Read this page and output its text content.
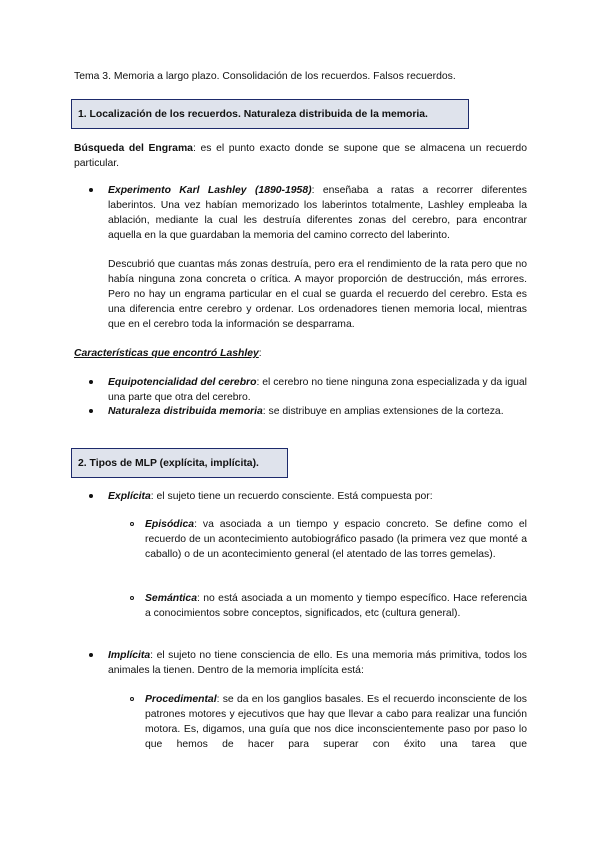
Tema 3. Memoria a largo plazo. Consolidación de los recuerdos. Falsos recuerdos.
1. Localización de los recuerdos. Naturaleza distribuida de la memoria.
Búsqueda del Engrama: es el punto exacto donde se supone que se almacena un recuerdo particular.
Experimento Karl Lashley (1890-1958): enseñaba a ratas a recorrer diferentes laberintos. Una vez habían memorizado los laberintos totalmente, Lashley empleaba la ablación, mediante la cual les destruía diferentes zonas del cerebro, para encontrar aquella en la que guardaban la memoria del camino correcto del laberinto.
Descubrió que cuantas más zonas destruía, pero era el rendimiento de la rata pero que no había ninguna zona concreta o crítica. A mayor proporción de destrucción, más errores. Pero no hay un engrama particular en el cual se guarda el recuerdo del cerebro. Esta es una diferencia entre cerebro y ordenar. Los ordenadores tienen memoria local, mientras que en el cerebro toda la información se desparrama.
Características que encontró Lashley:
Equipotencialidad del cerebro: el cerebro no tiene ninguna zona especializada y da igual una parte que otra del cerebro.
Naturaleza distribuida memoria: se distribuye en amplias extensiones de la corteza.
2. Tipos de MLP (explícita, implícita).
Explícita: el sujeto tiene un recuerdo consciente. Está compuesta por:
Episódica: va asociada a un tiempo y espacio concreto. Se define como el recuerdo de un acontecimiento autobiográfico pasado (la primera vez que monté a caballo) o de un acontecimiento general (el atentado de las torres gemelas).
Semántica: no está asociada a un momento y tiempo específico. Hace referencia a conocimientos sobre conceptos, significados, etc (cultura general).
Implícita: el sujeto no tiene consciencia de ello. Es una memoria más primitiva, todos los animales la tienen. Dentro de la memoria implícita está:
Procedimental: se da en los ganglios basales. Es el recuerdo inconsciente de los patrones motores y ejecutivos que hay que llevar a cabo para realizar una función motora. Es, digamos, una guía que nos dice inconscientemente paso por paso lo que hemos de hacer para superar con éxito una tarea que
